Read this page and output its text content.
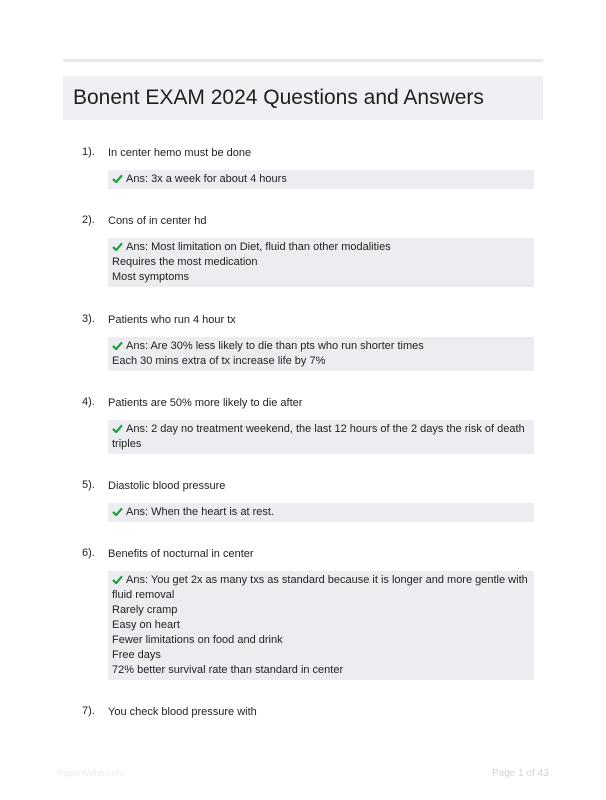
Bonent EXAM 2024 Questions and Answers
1). In center hemo must be done
Ans: 3x a week for about 4 hours
2). Cons of in center hd
Ans: Most limitation on Diet, fluid than other modalities
Requires the most medication
Most symptoms
3). Patients who run 4 hour tx
Ans: Are 30% less likely to die than pts who run shorter times
Each 30 mins extra of tx increase life by 7%
4). Patients are 50% more likely to die after
Ans: 2 day no treatment weekend, the last 12 hours of the 2 days the risk of death
triples
5). Diastolic blood pressure
Ans: When the heart is at rest.
6). Benefits of nocturnal in center
Ans: You get 2x as many txs as standard because it is longer and more gentle with
fluid removal
Rarely cramp
Easy on heart
Fewer limitations on food and drink
Free days
72% better survival rate than standard in center
7). You check blood pressure with
PaperWebb.com	Page 1 of 43
